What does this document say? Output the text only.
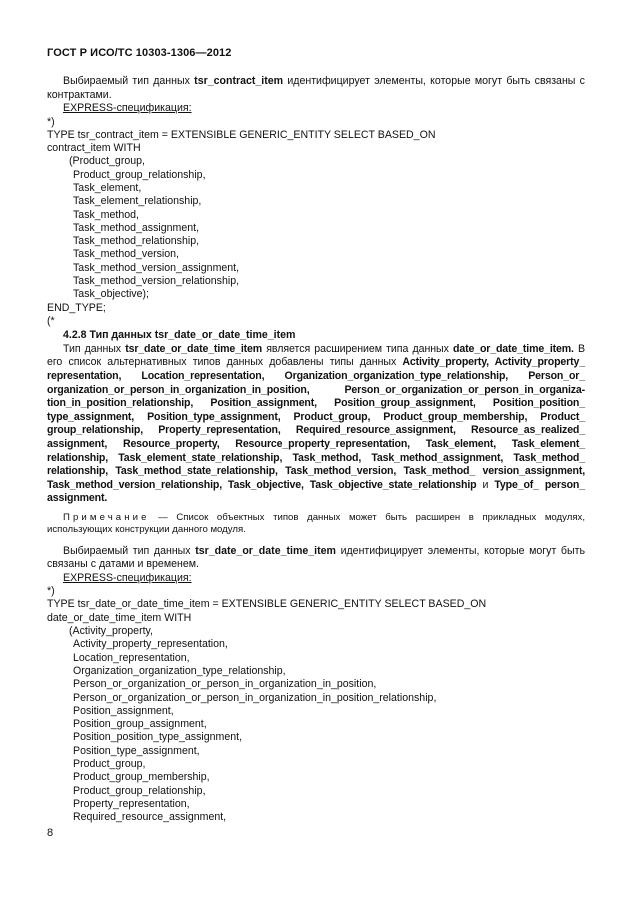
ГОСТ Р ИСО/ТС 10303-1306—2012
Выбираемый тип данных tsr_contract_item идентифицирует элементы, которые могут быть связаны с контрактами.
EXPRESS-спецификация:
*)
TYPE tsr_contract_item = EXTENSIBLE GENERIC_ENTITY SELECT BASED_ON
contract_item WITH
(Product_group,
Product_group_relationship,
Task_element,
Task_element_relationship,
Task_method,
Task_method_assignment,
Task_method_relationship,
Task_method_version,
Task_method_version_assignment,
Task_method_version_relationship,
Task_objective);
END_TYPE;
(*
4.2.8 Тип данных tsr_date_or_date_time_item
Тип данных tsr_date_or_date_time_item является расширением типа данных date_or_date_time_item. В его список альтернативных типов данных добавлены типы данных Activity_property, Activity_property_ representation, Location_representation, Organization_organization_type_relationship, Person_or_ organization_or_person_in_organization_in_position, Person_or_organization_or_person_in_organiza-tion_in_position_relationship, Position_assignment, Position_group_assignment, Position_position_ type_assignment, Position_type_assignment, Product_group, Product_group_membership, Product_ group_relationship, Property_representation, Required_resource_assignment, Resource_as_realized_ assignment, Resource_property, Resource_property_representation, Task_element, Task_element_ relationship, Task_element_state_relationship, Task_method, Task_method_assignment, Task_method_ relationship, Task_method_state_relationship, Task_method_version, Task_method_ version_assignment, Task_method_version_relationship, Task_objective, Task_objective_state_relationship и Type_of_ person_ assignment.
Примечание — Список объектных типов данных может быть расширен в прикладных модулях, использующих конструкции данного модуля.
Выбираемый тип данных tsr_date_or_date_time_item идентифицирует элементы, которые могут быть связаны с датами и временем.
EXPRESS-спецификация:
*)
TYPE tsr_date_or_date_time_item = EXTENSIBLE GENERIC_ENTITY SELECT BASED_ON
date_or_date_time_item WITH
(Activity_property,
Activity_property_representation,
Location_representation,
Organization_organization_type_relationship,
Person_or_organization_or_person_in_organization_in_position,
Person_or_organization_or_person_in_organization_in_position_relationship,
Position_assignment,
Position_group_assignment,
Position_position_type_assignment,
Position_type_assignment,
Product_group,
Product_group_membership,
Product_group_relationship,
Property_representation,
Required_resource_assignment,
8
